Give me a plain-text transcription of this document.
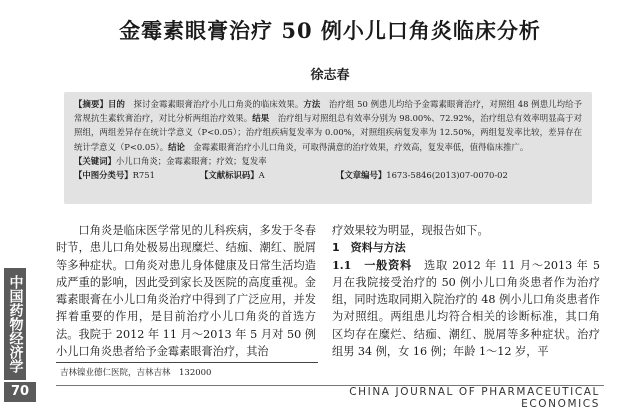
中国药物经济学
70
金霉素眼膏治疗 50 例小儿口角炎临床分析
徐志春

【摘要】目的　 探讨金霉素眼膏治疗小儿口角炎的临床效果。方法　 治疗组 50 例患儿均给予金霉素眼膏治疗，对照组 48 例患儿均给予常规抗生素软膏治疗，对比分析两组治疗效果。结果　 治疗组与对照组总有效率分别为 98.00%、72.92%，治疗组总有效率明显高于对照组，两组差异存在统计学意义（P<0.05）；治疗组疾病复发率为 0.00%，对照组疾病复发率为 12.50%，两组复发率比较，差异存在统计学意义（P<0.05）。结论　 金霉素眼膏治疗小儿口角炎，可取得满意的治疗效果，疗效高，复发率低，值得临床推广。

【关键词】小儿口角炎；金霉素眼膏；疗效；复发率

【中图分类号】R751	【文献标识码】A	【文章编号】1673-5846(2013)07-0070-02

口角炎是临床医学常见的儿科疾病，多发于冬春时节，患儿口角处极易出现糜烂、结痂、潮红、脱屑等多种症状。口角炎对患儿身体健康及日常生活均造成严重的影响，因此受到家长及医院的高度重视。金霉素眼膏在小儿口角炎治疗中得到了广泛应用，并发挥着重要的作用，是目前治疗小儿口角炎的首选方法。我院于 2012 年 11 月～2013 年 5 月对 50 例小儿口角炎患者给予金霉素眼膏治疗，其治

疗效果较为明显，现报告如下。

1　资料与方法

1.1　一般资料　 选取 2012 年 11 月～2013 年 5 月在我院接受治疗的 50 例小儿口角炎患者作为治疗组，同时选取同期入院治疗的 48 例小儿口角炎患者作为对照组。两组患儿均符合相关的诊断标准，其口角区均存在糜烂、结痂、潮红、脱屑等多种症状。治疗组男 34 例，女 16 例；年龄 1～12 岁，平

吉林镍业德仁医院，吉林吉林　132000
CHINA JOURNAL OF PHARMACEUTICAL ECONOMICS
